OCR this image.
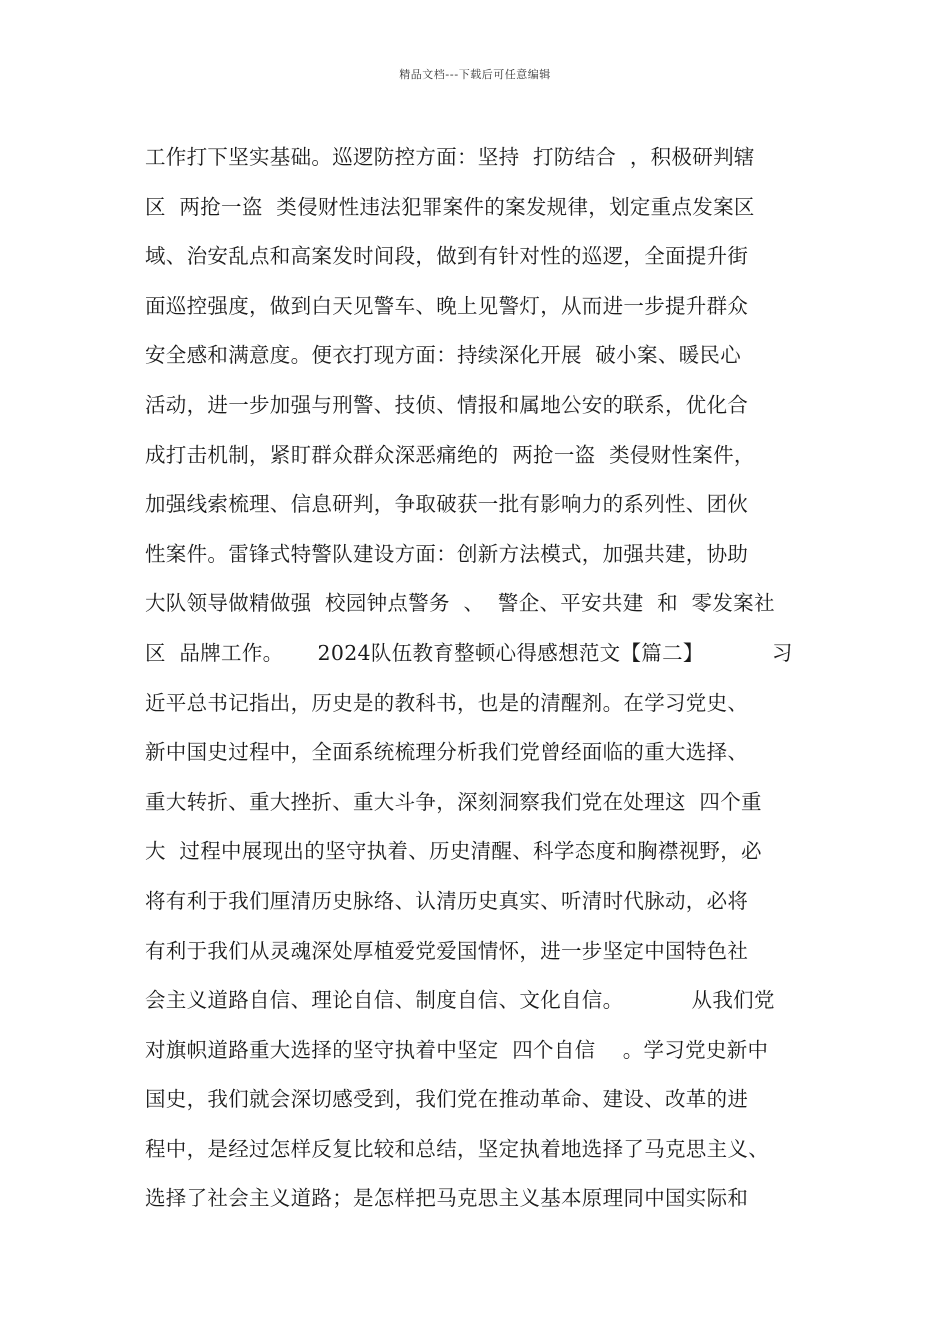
精品文档---下载后可任意编辑
工作打下坚实基础。巡逻防控方面：坚持  打防结合  ，积极研判辖
区  两抢一盗  类侵财性违法犯罪案件的案发规律，划定重点发案区
域、治安乱点和高案发时间段，做到有针对性的巡逻，全面提升街
面巡控强度，做到白天见警车、晚上见警灯，从而进一步提升群众
安全感和满意度。便衣打现方面：持续深化开展  破小案、暖民心
活动，进一步加强与刑警、技侦、情报和属地公安的联系，优化合
成打击机制，紧盯群众群众深恶痛绝的  两抢一盗  类侵财性案件，
加强线索梳理、信息研判，争取破获一批有影响力的系列性、团伙
性案件。雷锋式特警队建设方面：创新方法模式，加强共建，协助
大队领导做精做强  校园钟点警务  、  警企、平安共建  和  零发案社
区  品牌工作。     2024队伍教育整顿心得感想范文【篇二】          习
近平总书记指出，历史是的教科书，也是的清醒剂。在学习党史、
新中国史过程中，全面系统梳理分析我们党曾经面临的重大选择、
重大转折、重大挫折、重大斗争，深刻洞察我们党在处理这  四个重
大  过程中展现出的坚守执着、历史清醒、科学态度和胸襟视野，必
将有利于我们厘清历史脉络、认清历史真实、听清时代脉动，必将
有利于我们从灵魂深处厚植爱党爱国情怀，进一步坚定中国特色社
会主义道路自信、理论自信、制度自信、文化自信。          从我们党
对旗帜道路重大选择的坚守执着中坚定  四个自信    。学习党史新中
国史，我们就会深切感受到，我们党在推动革命、建设、改革的进
程中，是经过怎样反复比较和总结，坚定执着地选择了马克思主义、
选择了社会主义道路；是怎样把马克思主义基本原理同中国实际和
